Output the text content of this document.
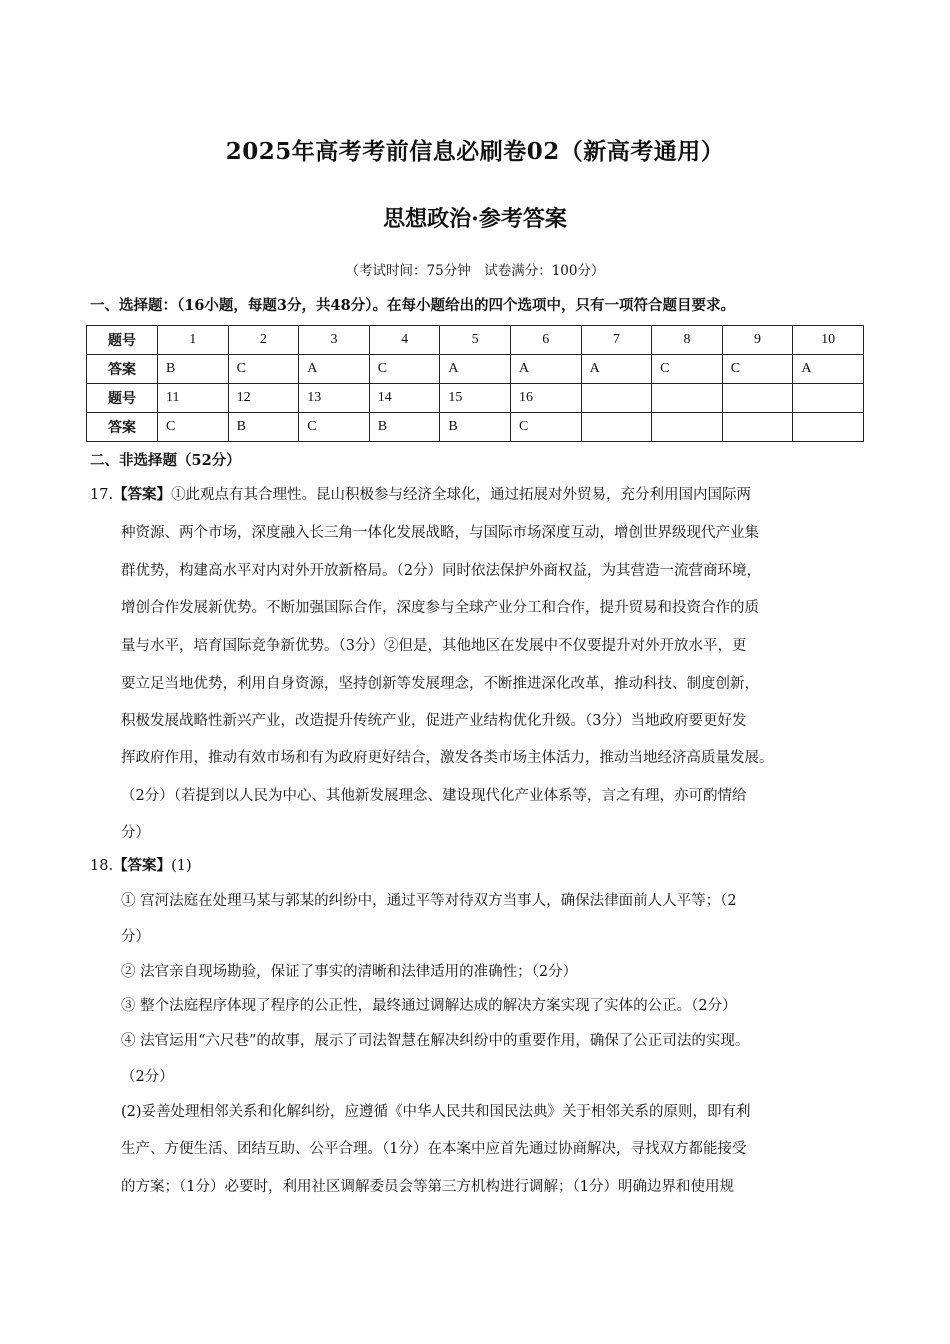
2025年高考考前信息必刷卷02（新高考通用）
思想政治·参考答案
（考试时间：75分钟　试卷满分：100分）
一、选择题：（16小题，每题3分，共48分）。在每小题给出的四个选项中，只有一项符合题目要求。
题号	1	2	3	4	5	6	7	8	9	10
答案	B	C	A	C	A	A	A	C	C	A
题号	11	12	13	14	15	16				
答案	C	B	C	B	B	C				
二、非选择题（52分）
17.【答案】①此观点有其合理性。昆山积极参与经济全球化，通过拓展对外贸易，充分利用国内国际两
种资源、两个市场，深度融入长三角一体化发展战略，与国际市场深度互动，增创世界级现代产业集
群优势，构建高水平对内对外开放新格局。（2分）同时依法保护外商权益，为其营造一流营商环境，
增创合作发展新优势。不断加强国际合作，深度参与全球产业分工和合作，提升贸易和投资合作的质
量与水平，培育国际竞争新优势。（3分）②但是，其他地区在发展中不仅要提升对外开放水平，更
要立足当地优势，利用自身资源，坚持创新等发展理念，不断推进深化改革，推动科技、制度创新，
积极发展战略性新兴产业，改造提升传统产业，促进产业结构优化升级。（3分）当地政府要更好发
挥政府作用，推动有效市场和有为政府更好结合，激发各类市场主体活力，推动当地经济高质量发展。
（2分）（若提到以人民为中心、其他新发展理念、建设现代化产业体系等，言之有理，亦可酌情给
分）
18.【答案】(1)
① 宫河法庭在处理马某与郭某的纠纷中，通过平等对待双方当事人，确保法律面前人人平等；（2
分）
② 法官亲自现场勘验，保证了事实的清晰和法律适用的准确性；（2分）
③ 整个法庭程序体现了程序的公正性，最终通过调解达成的解决方案实现了实体的公正。（2分）
④ 法官运用“六尺巷”的故事，展示了司法智慧在解决纠纷中的重要作用，确保了公正司法的实现。
（2分）
(2)妥善处理相邻关系和化解纠纷，应遵循《中华人民共和国民法典》关于相邻关系的原则，即有利
生产、方便生活、团结互助、公平合理。（1分）在本案中应首先通过协商解决，寻找双方都能接受
的方案；（1分）必要时，利用社区调解委员会等第三方机构进行调解；（1分）明确边界和使用规
